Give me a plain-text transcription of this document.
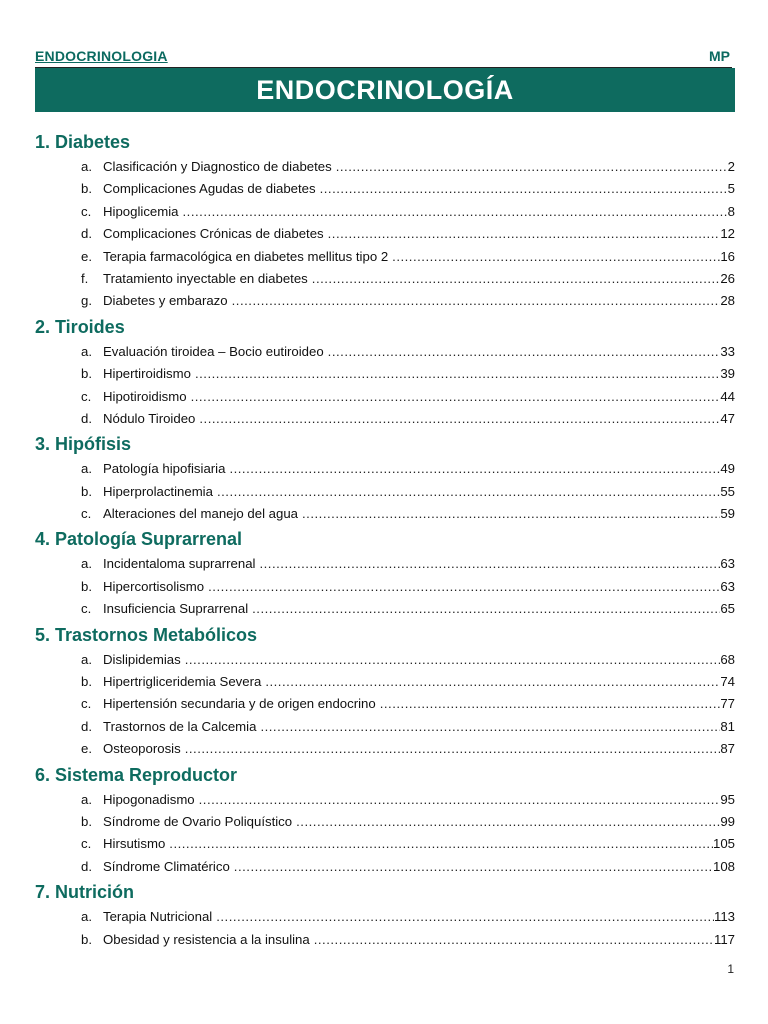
ENDOCRINOLOGIA	MP
ENDOCRINOLOGÍA
1. Diabetes
a. Clasificación y Diagnostico de diabetes .....	2
b. Complicaciones Agudas de diabetes .....	5
c. Hipoglicemia .....	8
d. Complicaciones Crónicas de diabetes .....	12
e. Terapia farmacológica en diabetes mellitus tipo 2 .....	16
f. Tratamiento inyectable en diabetes .....	26
g. Diabetes y embarazo .....	28
2. Tiroides
a. Evaluación tiroidea – Bocio eutiroideo .....	33
b. Hipertiroidismo .....	39
c. Hipotiroidismo .....	44
d. Nódulo Tiroideo .....	47
3. Hipófisis
a. Patología hipofisiaria .....	49
b. Hiperprolactinemia .....	55
c. Alteraciones del manejo del agua .....	59
4. Patología Suprarrenal
a. Incidentaloma suprarrenal .....	63
b. Hipercortisolismo .....	63
c. Insuficiencia Suprarrenal .....	65
5. Trastornos Metabólicos
a. Dislipidemias .....	68
b. Hipertrigliceridemia Severa .....	74
c. Hipertensión secundaria y de origen endocrino .....	77
d. Trastornos de la Calcemia .....	81
e. Osteoporosis .....	87
6. Sistema Reproductor
a. Hipogonadismo .....	95
b. Síndrome de Ovario Poliquístico .....	99
c. Hirsutismo .....	105
d. Síndrome Climatérico .....	108
7. Nutrición
a. Terapia Nutricional .....	113
b. Obesidad y resistencia a la insulina .....	117
1
